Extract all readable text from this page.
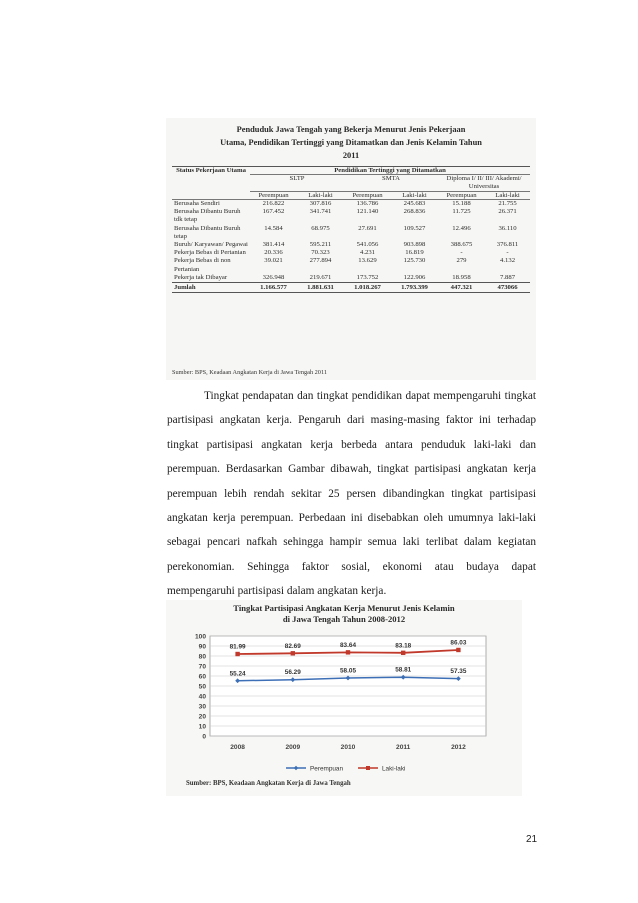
Penduduk Jawa Tengah yang Bekerja Menurut Jenis Pekerjaan
Utama, Pendidikan Tertinggi yang Ditamatkan dan Jenis Kelamin Tahun
2011
Status Pekerjaan Utama	Pendidikan Tertinggi yang Ditamatkan					
	SLTP		SMTA		Diploma I/ II/ III/ Akademi/ Universitas	
	Perempuan	Laki-laki	Perempuan	Laki-laki	Perempuan	Laki-laki
Berusaha Sendiri	216.822	307.816	136.786	245.683	15.188	21.755
Berusaha Dibantu Buruh tdk tetap	167.452	341.741	121.140	268.836	11.725	26.371
Berusaha Dibantu Buruh tetap	14.584	68.975	27.691	109.527	12.496	36.110
Buruh/ Karyawan/ Pegawai	381.414	595.211	541.056	903.898	388.675	376.811
Pekerja Bebas di Pertanian	20.336	70.323	4.231	16.819	-	-
Pekerja Bebas di non Pertanian	39.021	277.894	13.629	125.730	279	4.132
Pekerja tak Dibayar	326.948	219.671	173.752	122.906	18.958	7.887
Jumlah	1.166.577	1.881.631	1.018.267	1.793.399	447.321	473066
Sumber: BPS, Keadaan Angkatan Kerja di Jawa Tengah 2011

Tingkat pendapatan dan tingkat pendidikan dapat mempengaruhi tingkat partisipasi angkatan kerja. Pengaruh dari masing-masing faktor ini terhadap tingkat partisipasi angkatan kerja berbeda antara penduduk laki-laki dan perempuan. Berdasarkan Gambar dibawah, tingkat partisipasi angkatan kerja perempuan lebih rendah sekitar 25 persen dibandingkan tingkat partisipasi angkatan kerja perempuan. Perbedaan ini disebabkan oleh umumnya laki-laki sebagai pencari nafkah sehingga hampir semua laki terlibat dalam kegiatan perekonomian. Sehingga faktor sosial, ekonomi atau budaya dapat mempengaruhi partisipasi dalam angkatan kerja.

Tingkat Partisipasi Angkatan Kerja Menurut Jenis Kelamin
di Jawa Tengah Tahun 2008-2012
0
10
20
30
40
50
60
70
80
90
100
2008	2009	2010	2011	2012
55.24	56.29	58.05	58.81	57.35
81.99	82.69	83.64	83.18	86.03
Perempuan	Laki-laki
Sumber: BPS, Keadaan Angkatan Kerja di Jawa Tengah
21
